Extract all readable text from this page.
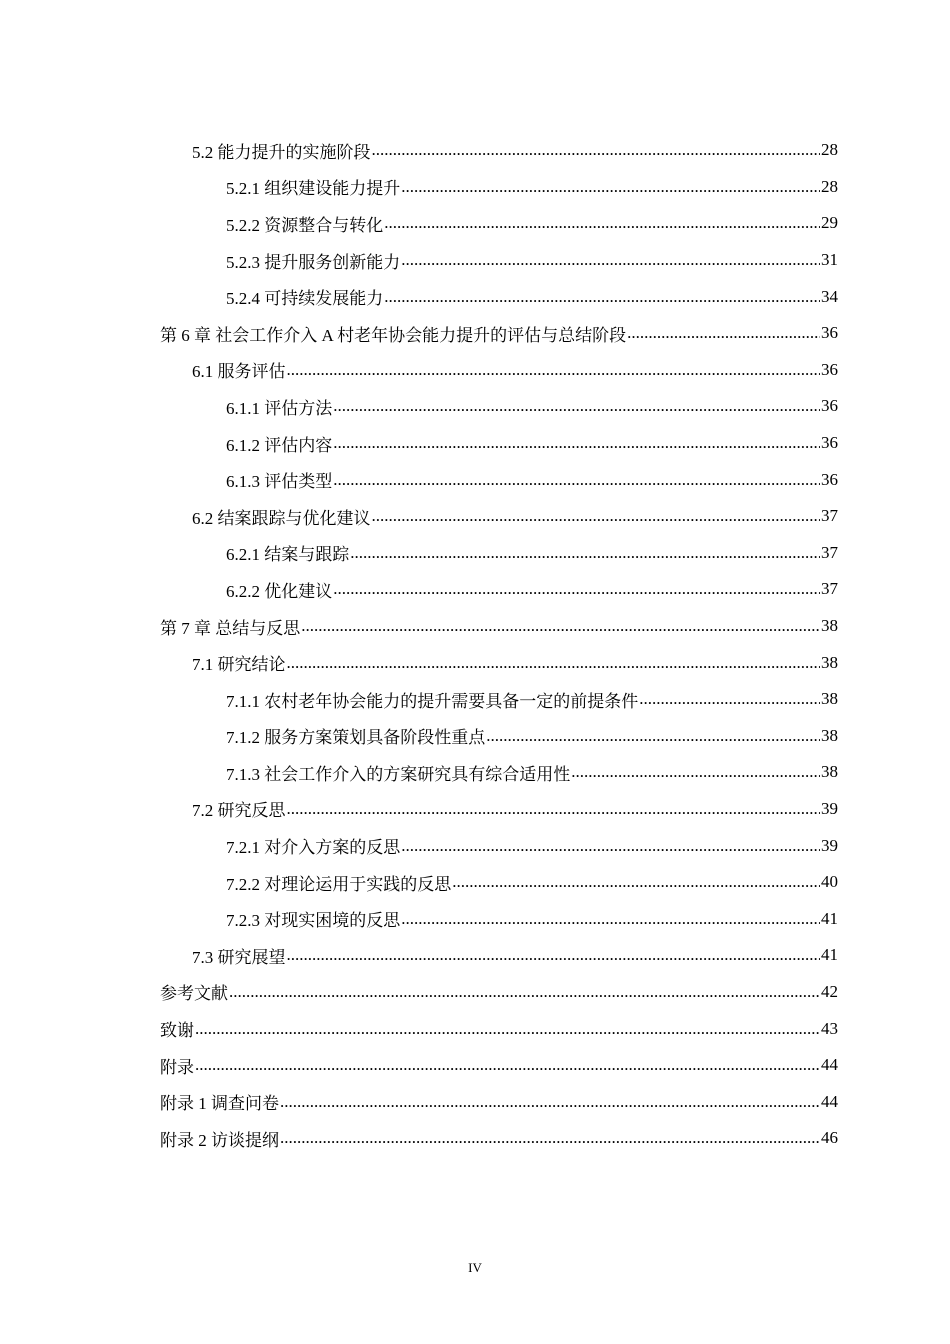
5.2 能力提升的实施阶段 .....	28
5.2.1 组织建设能力提升 .....	28
5.2.2 资源整合与转化 .....	29
5.2.3 提升服务创新能力 .....	31
5.2.4 可持续发展能力 .....	34
第 6 章 社会工作介入 A 村老年协会能力提升的评估与总结阶段 .....	36
6.1 服务评估 .....	36
6.1.1 评估方法 .....	36
6.1.2 评估内容 .....	36
6.1.3 评估类型 .....	36
6.2 结案跟踪与优化建议 .....	37
6.2.1 结案与跟踪 .....	37
6.2.2 优化建议 .....	37
第 7 章 总结与反思 .....	38
7.1 研究结论 .....	38
7.1.1 农村老年协会能力的提升需要具备一定的前提条件 .....	38
7.1.2 服务方案策划具备阶段性重点 .....	38
7.1.3 社会工作介入的方案研究具有综合适用性 .....	38
7.2 研究反思 .....	39
7.2.1 对介入方案的反思 .....	39
7.2.2 对理论运用于实践的反思 .....	40
7.2.3 对现实困境的反思 .....	41
7.3 研究展望 .....	41
参考文献 .....	42
致谢 .....	43
附录 .....	44
附录 1 调查问卷 .....	44
附录 2 访谈提纲 .....	46
IV
